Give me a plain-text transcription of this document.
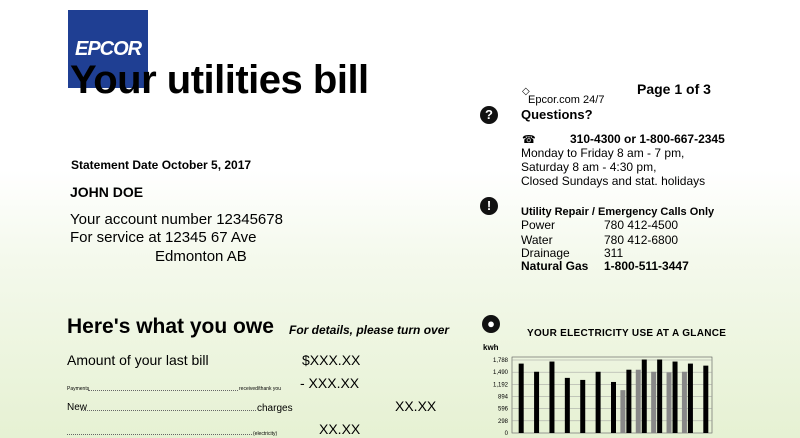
EPCOR
Your utilities bill	Page 1 of 3
Statement Date October 5, 2017
JOHN DOE
Your account number 12345678
For service at 12345 67 Ave
Edmonton AB
?
◇
Epcor.com 24/7
Questions?
☎	310-4300 or 1-800-667-2345
Monday to Friday 8 am - 7 pm,
Saturday 8 am - 4:30 pm,
Closed Sundays and stat. holidays
!	Utility Repair / Emergency Calls Only
Power	780 412-4500
Water	780 412-6800
Drainage	311
Natural Gas 1-800-511-3447
Here's what you owe For details, please turn over
Amount of your last bill	$XXX.XX
Payments	received/thank you - XXX.XX
New	charges	XX.XX
(electricity)	XX.XX
●
YOUR ELECTRICITY USE AT A GLANCE
kwh
0
298
596
894
1,192
1,490
1,788
